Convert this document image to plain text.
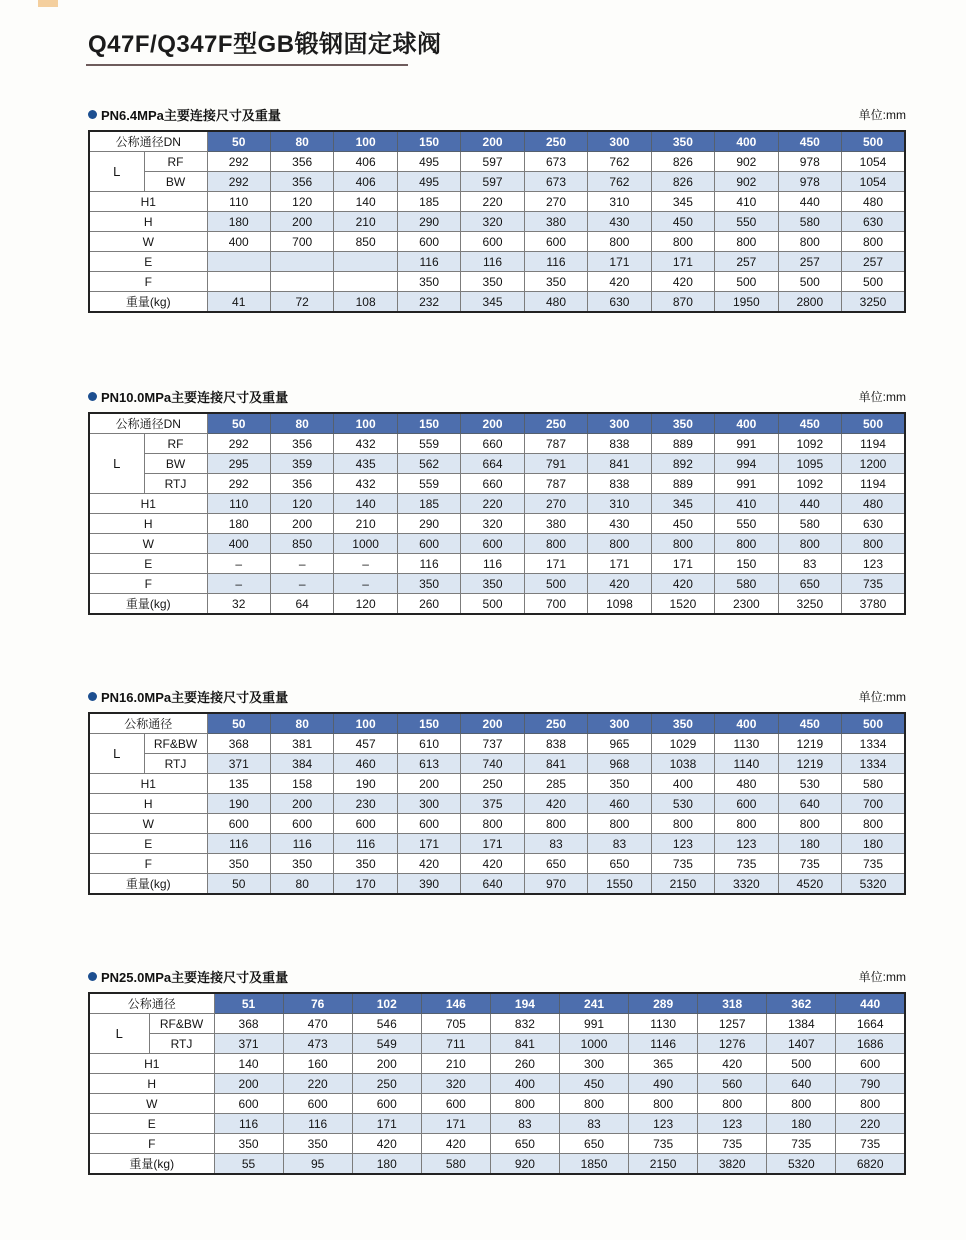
Q47F/Q347F型GB锻钢固定球阀
PN6.4MPa主要连接尺寸及重量	单位:mm
公称通径DN		50	80	100	150	200	250	300	350	400	450	500
L	RF	292	356	406	495	597	673	762	826	902	978	1054
	BW	292	356	406	495	597	673	762	826	902	978	1054
H1		110	120	140	185	220	270	310	345	410	440	480
H		180	200	210	290	320	380	430	450	550	580	630
W		400	700	850	600	600	600	800	800	800	800	800
E					116	116	116	171	171	257	257	257
F					350	350	350	420	420	500	500	500
重量(kg)		41	72	108	232	345	480	630	870	1950	2800	3250
PN10.0MPa主要连接尺寸及重量	单位:mm
公称通径DN		50	80	100	150	200	250	300	350	400	450	500
L	RF	292	356	432	559	660	787	838	889	991	1092	1194
	BW	295	359	435	562	664	791	841	892	994	1095	1200
	RTJ	292	356	432	559	660	787	838	889	991	1092	1194
H1		110	120	140	185	220	270	310	345	410	440	480
H		180	200	210	290	320	380	430	450	550	580	630
W		400	850	1000	600	600	800	800	800	800	800	800
E		–	–	–	116	116	171	171	171	150	83	123
F		–	–	–	350	350	500	420	420	580	650	735
重量(kg)		32	64	120	260	500	700	1098	1520	2300	3250	3780
PN16.0MPa主要连接尺寸及重量	单位:mm
公称通径		50	80	100	150	200	250	300	350	400	450	500
L	RF&BW	368	381	457	610	737	838	965	1029	1130	1219	1334
	RTJ	371	384	460	613	740	841	968	1038	1140	1219	1334
H1		135	158	190	200	250	285	350	400	480	530	580
H		190	200	230	300	375	420	460	530	600	640	700
W		600	600	600	600	800	800	800	800	800	800	800
E		116	116	116	171	171	83	83	123	123	180	180
F		350	350	350	420	420	650	650	735	735	735	735
重量(kg)		50	80	170	390	640	970	1550	2150	3320	4520	5320
PN25.0MPa主要连接尺寸及重量	单位:mm
公称通径		51	76	102	146	194	241	289	318	362	440
L	RF&BW	368	470	546	705	832	991	1130	1257	1384	1664
	RTJ	371	473	549	711	841	1000	1146	1276	1407	1686
H1		140	160	200	210	260	300	365	420	500	600
H		200	220	250	320	400	450	490	560	640	790
W		600	600	600	600	800	800	800	800	800	800
E		116	116	171	171	83	83	123	123	180	220
F		350	350	420	420	650	650	735	735	735	735
重量(kg)		55	95	180	580	920	1850	2150	3820	5320	6820
